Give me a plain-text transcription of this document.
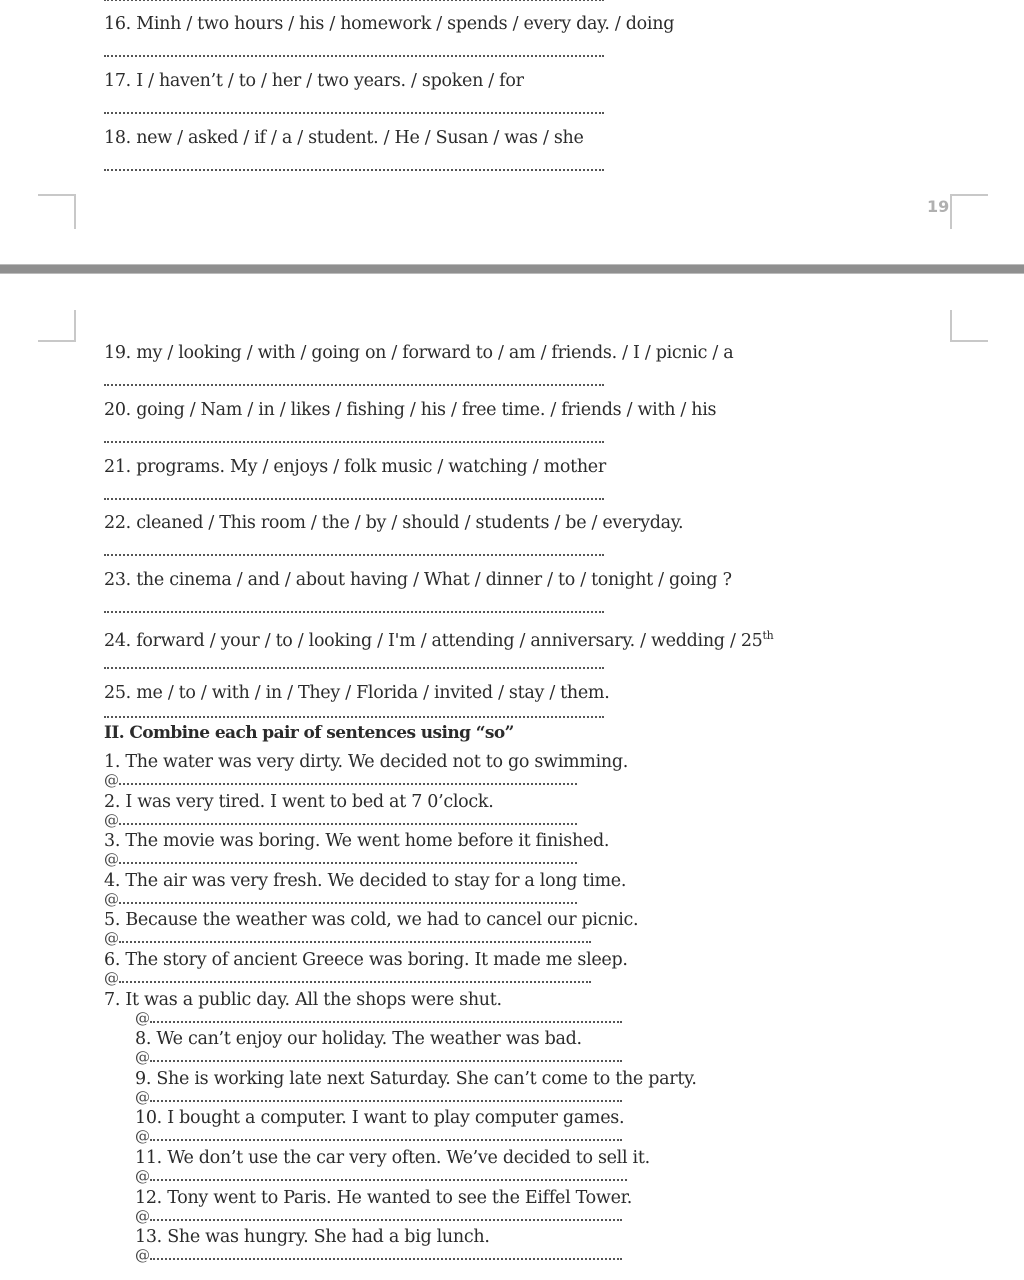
16. Minh / two hours / his / homework / spends / every day. / doing
17. I / haven’t / to / her / two years. / spoken / for
18. new / asked / if / a / student. / He / Susan / was / she
19
19. my / looking / with / going on / forward to / am / friends. / I / picnic / a
20. going / Nam / in / likes / fishing / his / free time. / friends / with / his
21. programs. My / enjoys / folk music / watching / mother
22. cleaned / This room / the / by / should / students / be / everyday.
23. the cinema / and / about having / What / dinner / to / tonight / going ?
24. forward / your / to / looking / I'm / attending / anniversary. / wedding / 25th
25. me / to / with / in / They / Florida / invited / stay / them.
II. Combine each pair of sentences using “so”
1. The water was very dirty. We decided not to go swimming.
@
2. I was very tired. I went to bed at 7 0’clock.
@
3. The movie was boring. We went home before it finished.
@
4. The air was very fresh. We decided to stay for a long time.
@
5. Because the weather was cold, we had to cancel our picnic.
@
6. The story of ancient Greece was boring. It made me sleep.
@
7. It was a public day. All the shops were shut.
@
8. We can’t enjoy our holiday. The weather was bad.
@
9. She is working late next Saturday. She can’t come to the party.
@
10. I bought a computer. I want to play computer games.
@
11. We don’t use the car very often. We’ve decided to sell it.
@
12. Tony went to Paris. He wanted to see the Eiffel Tower.
@
13. She was hungry. She had a big lunch.
@
